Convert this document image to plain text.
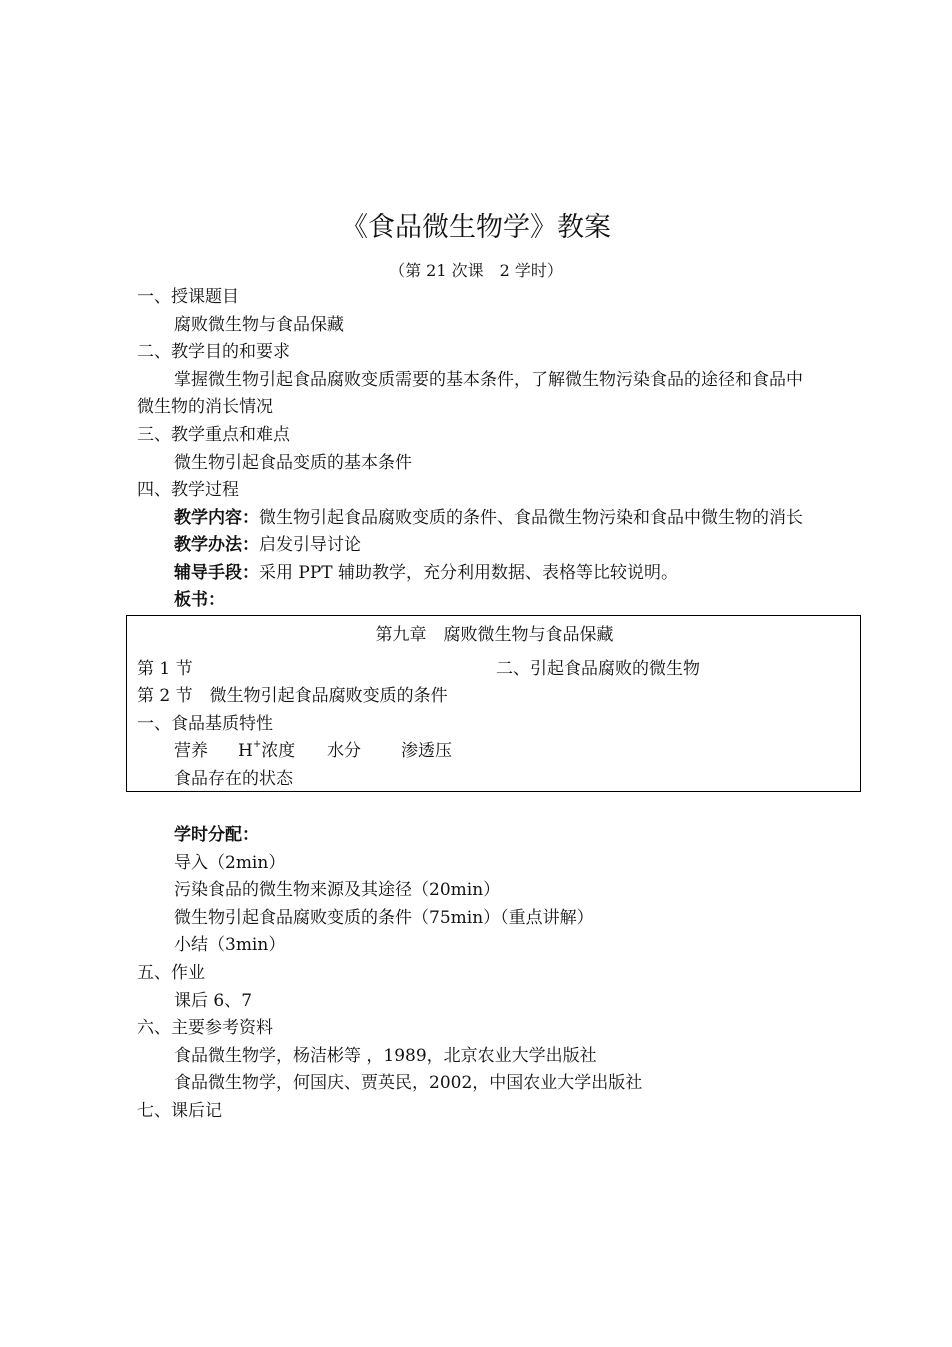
《食品微生物学》教案
（第 21 次课　2 学时）
一、授课题目
腐败微生物与食品保藏
二、教学目的和要求
掌握微生物引起食品腐败变质需要的基本条件，了解微生物污染食品的途径和食品中
微生物的消长情况
三、教学重点和难点
微生物引起食品变质的基本条件
四、教学过程
教学内容：微生物引起食品腐败变质的条件、食品微生物污染和食品中微生物的消长
教学办法：启发引导讨论
辅导手段：采用 PPT 辅助教学，充分利用数据、表格等比较说明。
板书：
第九章　腐败微生物与食品保藏
第 1 节	二、引起食品腐败的微生物
第 2 节　微生物引起食品腐败变质的条件
一、食品基质特性
营养 H+浓度 水分 渗透压
食品存在的状态
学时分配：
导入（2min）
污染食品的微生物来源及其途径（20min）
微生物引起食品腐败变质的条件（75min）（重点讲解）
小结（3min）
五、作业
课后 6、7
六、主要参考资料
食品微生物学，杨洁彬等 ，1989，北京农业大学出版社
食品微生物学，何国庆、贾英民，2002，中国农业大学出版社
七、课后记
